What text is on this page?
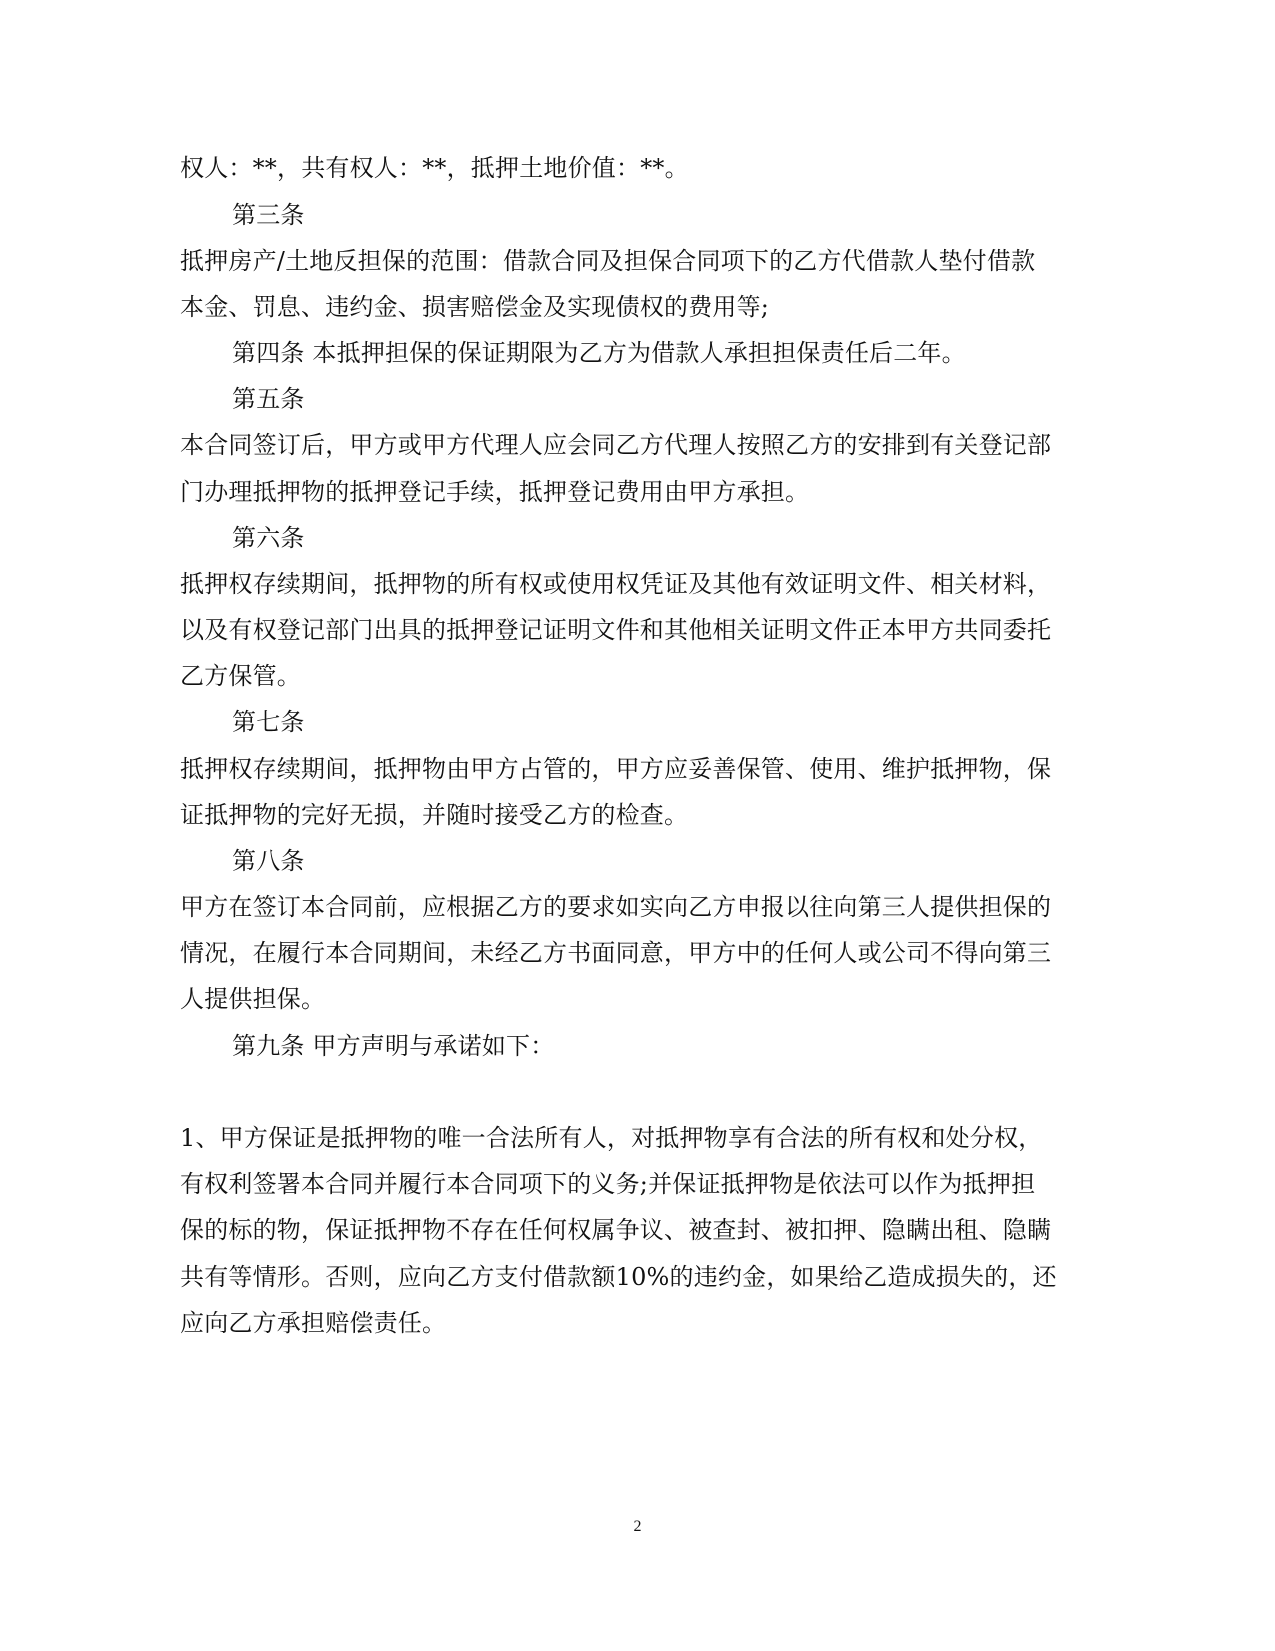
权人：**，共有权人：**，抵押土地价值：**。
第三条
抵押房产/土地反担保的范围：借款合同及担保合同项下的乙方代借款人垫付借款
本金、罚息、违约金、损害赔偿金及实现债权的费用等;
第四条 本抵押担保的保证期限为乙方为借款人承担担保责任后二年。
第五条
本合同签订后，甲方或甲方代理人应会同乙方代理人按照乙方的安排到有关登记部
门办理抵押物的抵押登记手续，抵押登记费用由甲方承担。
第六条
抵押权存续期间，抵押物的所有权或使用权凭证及其他有效证明文件、相关材料，
以及有权登记部门出具的抵押登记证明文件和其他相关证明文件正本甲方共同委托
乙方保管。
第七条
抵押权存续期间，抵押物由甲方占管的，甲方应妥善保管、使用、维护抵押物，保
证抵押物的完好无损，并随时接受乙方的检查。
第八条
甲方在签订本合同前，应根据乙方的要求如实向乙方申报以往向第三人提供担保的
情况，在履行本合同期间，未经乙方书面同意，甲方中的任何人或公司不得向第三
人提供担保。
第九条 甲方声明与承诺如下：
1、甲方保证是抵押物的唯一合法所有人，对抵押物享有合法的所有权和处分权，
有权利签署本合同并履行本合同项下的义务;并保证抵押物是依法可以作为抵押担
保的标的物，保证抵押物不存在任何权属争议、被查封、被扣押、隐瞒出租、隐瞒
共有等情形。否则，应向乙方支付借款额10%的违约金，如果给乙造成损失的，还
应向乙方承担赔偿责任。
2
